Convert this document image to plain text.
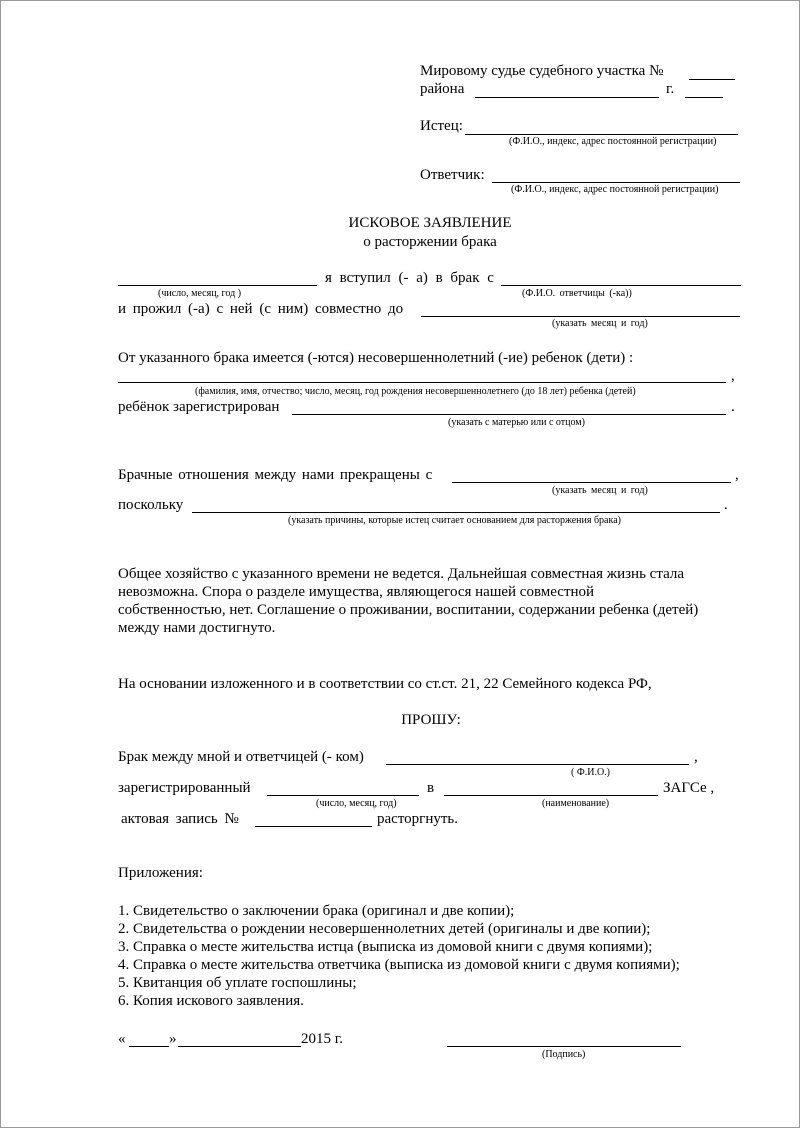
Мировому судье судебного участка №
района	г.
Истец:
(Ф.И.О., индекс, адрес постоянной регистрации)
Ответчик:
(Ф.И.О., индекс, адрес постоянной регистрации)
ИСКОВОЕ ЗАЯВЛЕНИЕ
о расторжении брака
я вступил (- а) в брак с
(число, месяц, год )	(Ф.И.О. ответчицы (-ка))
и прожил (-а) с ней (с ним) совместно до
(указать месяц и год)
От указанного брака имеется (-ются) несовершеннолетний (-ие) ребенок (дети) :
,
(фамилия, имя, отчество; число, месяц, год рождения несовершеннолетнего (до 18 лет) ребенка (детей)
ребёнок зарегистрирован	.
(указать с матерью или с отцом)
Брачные отношения между нами прекращены с	,
(указать месяц и год)
поскольку	.
(указать причины, которые истец считает основанием для расторжения брака)
Общее хозяйство с указанного времени не ведется. Дальнейшая совместная жизнь стала
невозможна. Спора о разделе имущества, являющегося нашей совместной
собственностью, нет. Соглашение о проживании, воспитании, содержании ребенка (детей)
между нами достигнуто.
На основании изложенного и в соответствии со ст.ст. 21, 22 Семейного кодекса РФ,
ПРОШУ:
Брак между мной и ответчицей (- ком)	,
( Ф.И.О.)
зарегистрированный	в	ЗАГСе ,
(число, месяц, год)	(наименование)
актовая запись №	расторгнуть.
Приложения:
1. Свидетельство о заключении брака (оригинал и две копии);
2. Свидетельства о рождении несовершеннолетних детей (оригиналы и две копии);
3. Справка о месте жительства истца (выписка из домовой книги с двумя копиями);
4. Справка о месте жительства ответчика (выписка из домовой книги с двумя копиями);
5. Квитанция об уплате госпошлины;
6. Копия искового заявления.
«	»	2015 г.
(Подпись)
